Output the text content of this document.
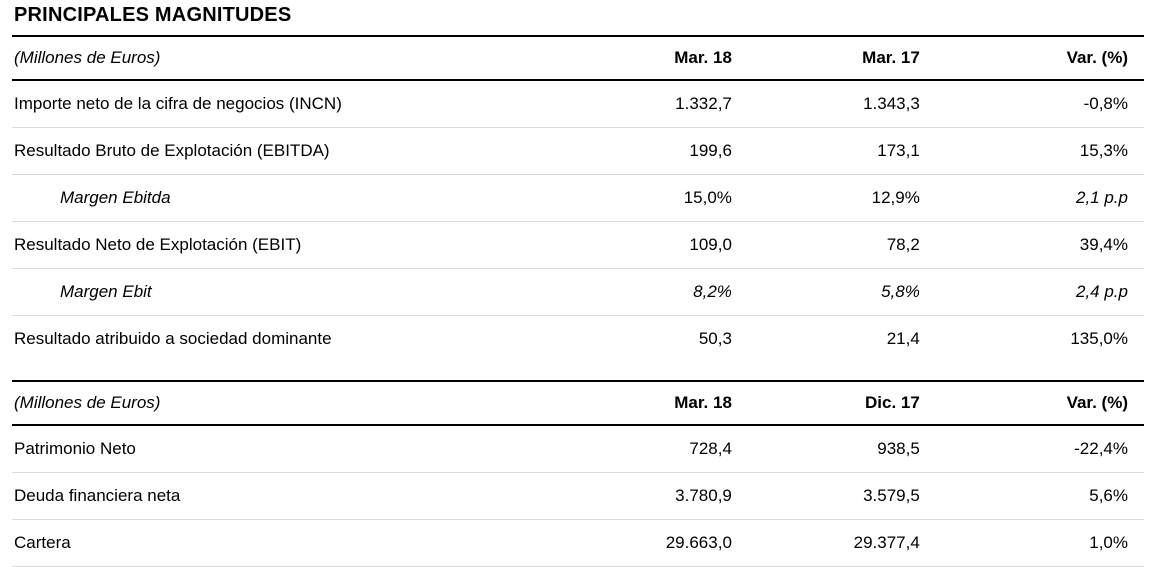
PRINCIPALES MAGNITUDES
(Millones de Euros)	Mar. 18	Mar. 17	Var. (%)
Importe neto de la cifra de negocios (INCN)	1.332,7	1.343,3	-0,8%
Resultado Bruto de Explotación (EBITDA)	199,6	173,1	15,3%
Margen Ebitda	15,0%	12,9%	2,1 p.p
Resultado Neto de Explotación (EBIT)	109,0	78,2	39,4%
Margen Ebit	8,2%	5,8%	2,4 p.p
Resultado atribuido a sociedad dominante	50,3	21,4	135,0%
(Millones de Euros)	Mar. 18	Dic. 17	Var. (%)
Patrimonio Neto	728,4	938,5	-22,4%
Deuda financiera neta	3.780,9	3.579,5	5,6%
Cartera	29.663,0	29.377,4	1,0%
